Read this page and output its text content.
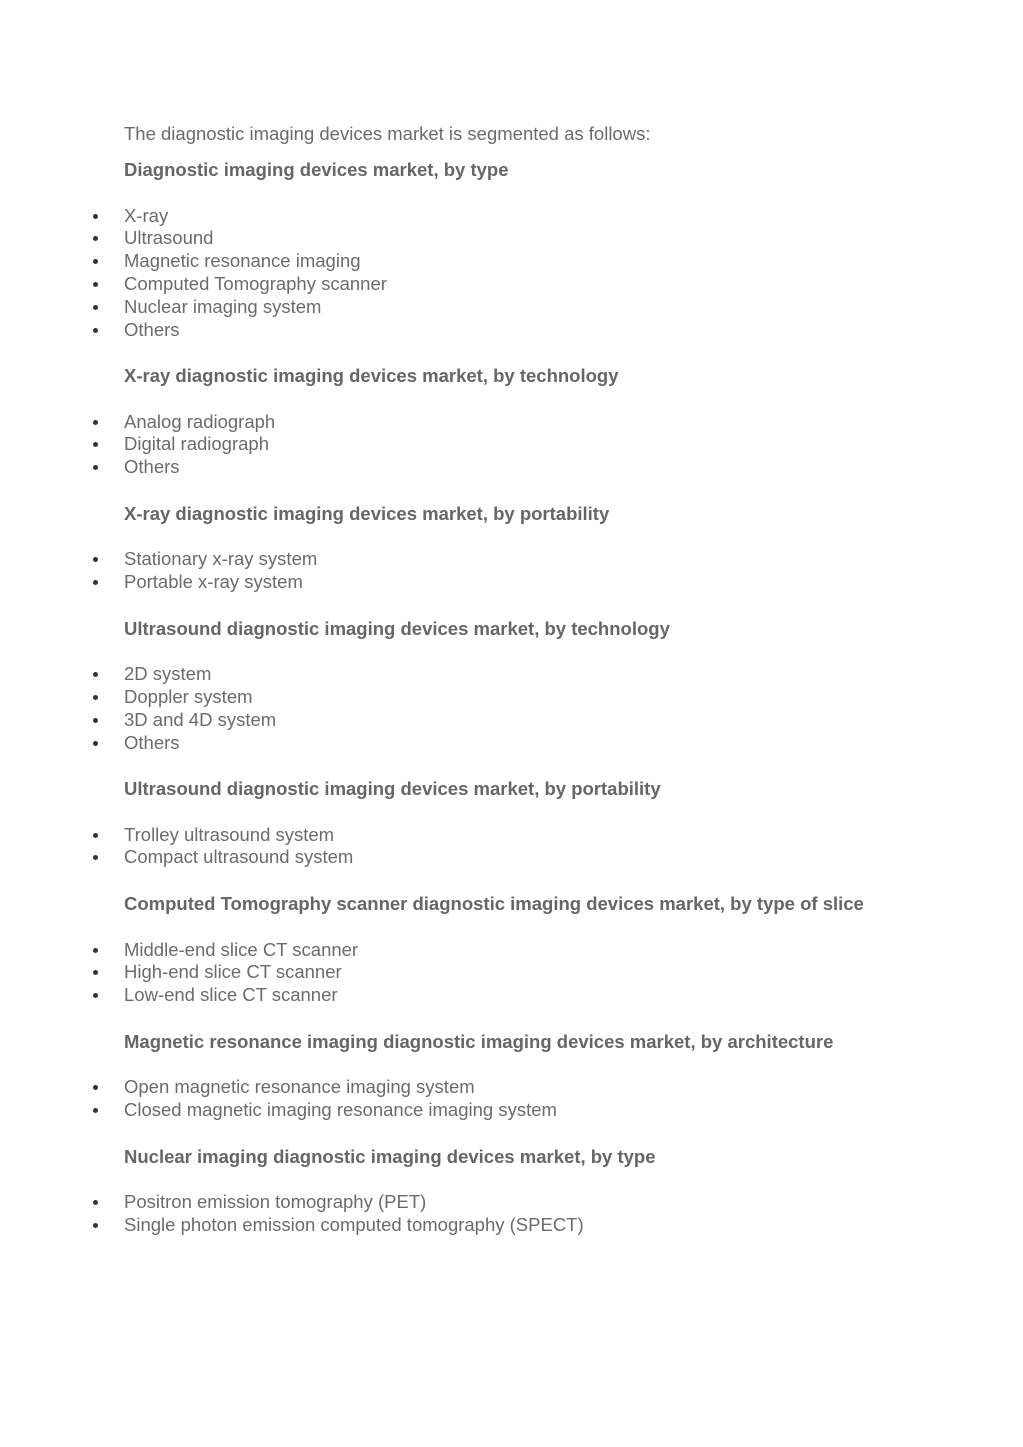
The diagnostic imaging devices market is segmented as follows:

Diagnostic imaging devices market, by type
X-ray
Ultrasound
Magnetic resonance imaging
Computed Tomography scanner
Nuclear imaging system
Others
X-ray diagnostic imaging devices market, by technology
Analog radiograph
Digital radiograph
Others
X-ray diagnostic imaging devices market, by portability
Stationary x-ray system
Portable x-ray system
Ultrasound diagnostic imaging devices market, by technology
2D system
Doppler system
3D and 4D system
Others
Ultrasound diagnostic imaging devices market, by portability
Trolley ultrasound system
Compact ultrasound system
Computed Tomography scanner diagnostic imaging devices market, by type of slice
Middle-end slice CT scanner
High-end slice CT scanner
Low-end slice CT scanner
Magnetic resonance imaging diagnostic imaging devices market, by architecture
Open magnetic resonance imaging system
Closed magnetic imaging resonance imaging system
Nuclear imaging diagnostic imaging devices market, by type
Positron emission tomography (PET)
Single photon emission computed tomography (SPECT)
